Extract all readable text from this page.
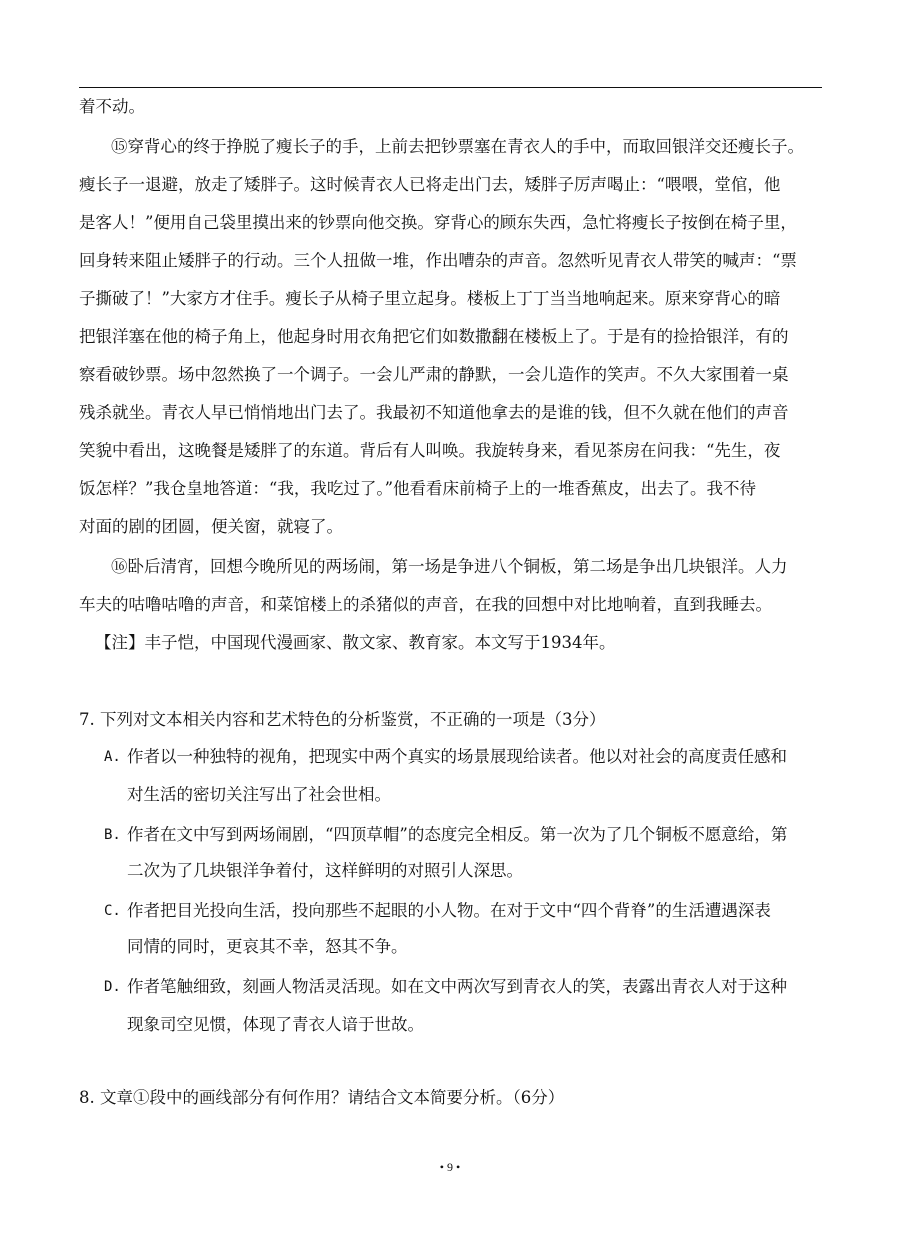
着不动。
⑮穿背心的终于挣脱了瘦长子的手，上前去把钞票塞在青衣人的手中，而取回银洋交还瘦长子。
瘦长子一退避，放走了矮胖子。这时候青衣人已将走出门去，矮胖子厉声喝止：“喂喂，堂倌，他
是客人！”便用自己袋里摸出来的钞票向他交换。穿背心的顾东失西，急忙将瘦长子按倒在椅子里，
回身转来阻止矮胖子的行动。三个人扭做一堆，作出嘈杂的声音。忽然听见青衣人带笑的喊声：“票
子撕破了！”大家方才住手。瘦长子从椅子里立起身。楼板上丁丁当当地响起来。原来穿背心的暗
把银洋塞在他的椅子角上，他起身时用衣角把它们如数撒翻在楼板上了。于是有的捡拾银洋，有的
察看破钞票。场中忽然换了一个调子。一会儿严肃的静默，一会儿造作的笑声。不久大家围着一桌
残杀就坐。青衣人早已悄悄地出门去了。我最初不知道他拿去的是谁的钱，但不久就在他们的声音
笑貌中看出，这晚餐是矮胖了的东道。背后有人叫唤。我旋转身来，看见茶房在问我：“先生，夜
饭怎样？”我仓皇地答道：“我，我吃过了。”他看看床前椅子上的一堆香蕉皮，出去了。我不待
对面的剧的团圆，便关窗，就寝了。
⑯卧后清宵，回想今晚所见的两场闹，第一场是争进八个铜板，第二场是争出几块银洋。人力
车夫的咕噜咕噜的声音，和菜馆楼上的杀猪似的声音，在我的回想中对比地响着，直到我睡去。
【注】丰子恺，中国现代漫画家、散文家、教育家。本文写于1934年。
7. 下列对文本相关内容和艺术特色的分析鉴赏，不正确的一项是（3分）
A. 作者以一种独特的视角，把现实中两个真实的场景展现给读者。他以对社会的高度责任感和
对生活的密切关注写出了社会世相。
B. 作者在文中写到两场闹剧，“四顶草帽”的态度完全相反。第一次为了几个铜板不愿意给，第
二次为了几块银洋争着付，这样鲜明的对照引人深思。
C. 作者把目光投向生活，投向那些不起眼的小人物。在对于文中“四个背脊”的生活遭遇深表
同情的同时，更哀其不幸，怒其不争。
D. 作者笔触细致，刻画人物活灵活现。如在文中两次写到青衣人的笑，表露出青衣人对于这种
现象司空见惯，体现了青衣人谙于世故。
8. 文章①段中的画线部分有何作用？请结合文本简要分析。（6分）
• 9 •
